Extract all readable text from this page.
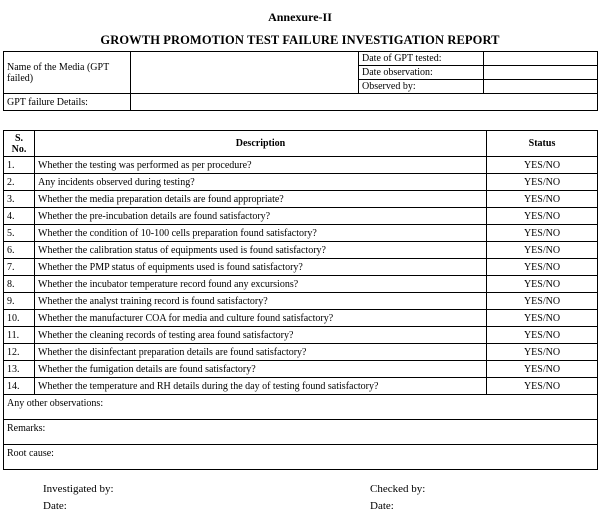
Annexure-II
GROWTH PROMOTION TEST FAILURE INVESTIGATION REPORT
Name of the Media (GPT failed)		Date of GPT tested:	
		Date observation:	
		Observed by:	
GPT failure Details:			
S. No.	Description	Status
1.	Whether the testing was performed as per procedure?	YES/NO
2.	Any incidents observed during testing?	YES/NO
3.	Whether the media preparation details are found appropriate?	YES/NO
4.	Whether the pre-incubation details are found satisfactory?	YES/NO
5.	Whether the condition of 10-100 cells preparation found satisfactory?	YES/NO
6.	Whether the calibration status of equipments used is found satisfactory?	YES/NO
7.	Whether the PMP status of equipments used is found satisfactory?	YES/NO
8.	Whether the incubator temperature record found any excursions?	YES/NO
9.	Whether the analyst training record is found satisfactory?	YES/NO
10.	Whether the manufacturer COA for media and culture found satisfactory?	YES/NO
11.	Whether the cleaning records of testing area found satisfactory?	YES/NO
12.	Whether the disinfectant preparation details are found satisfactory?	YES/NO
13.	Whether the fumigation details are found satisfactory?	YES/NO
14.	Whether the temperature and RH details during the day of testing found satisfactory?	YES/NO
Any other observations:		
Remarks:		
Root cause:		
Investigated by:	Checked by:
Date:	Date:
